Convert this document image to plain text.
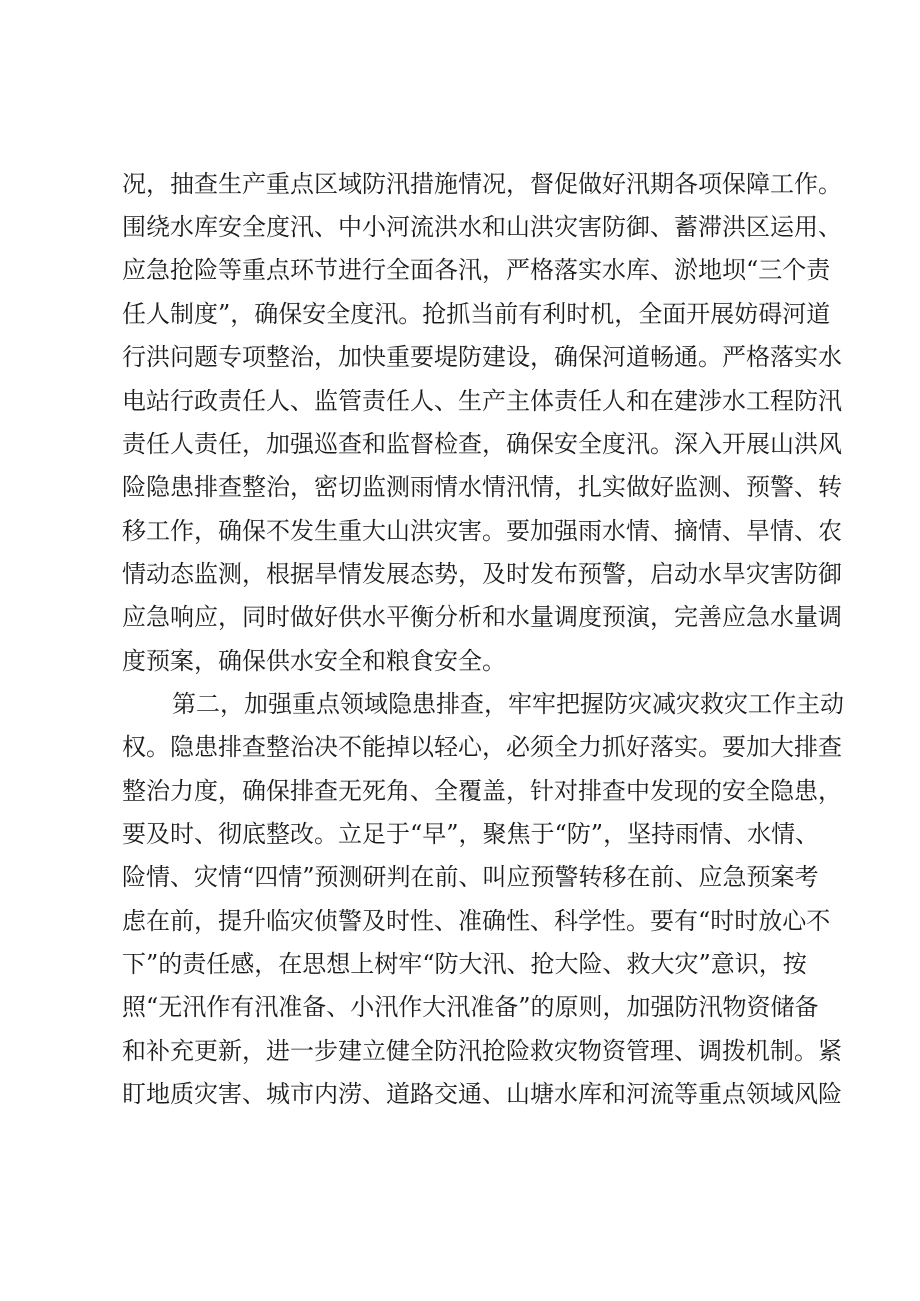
况，抽查生产重点区域防汛措施情况，督促做好汛期各项保障工作。
围绕水库安全度汛、中小河流洪水和山洪灾害防御、蓄滞洪区运用、
应急抢险等重点环节进行全面各汛，严格落实水库、淤地坝“三个责
任人制度”，确保安全度汛。抢抓当前有利时机，全面开展妨碍河道
行洪问题专项整治，加快重要堤防建设，确保河道畅通。严格落实水
电站行政责任人、监管责任人、生产主体责任人和在建涉水工程防汛
责任人责任，加强巡查和监督检查，确保安全度汛。深入开展山洪风
险隐患排查整治，密切监测雨情水情汛情，扎实做好监测、预警、转
移工作，确保不发生重大山洪灾害。要加强雨水情、摘情、旱情、农
情动态监测，根据旱情发展态势，及时发布预警，启动水旱灾害防御
应急响应，同时做好供水平衡分析和水量调度预演，完善应急水量调
度预案，确保供水安全和粮食安全。
第二，加强重点领域隐患排查，牢牢把握防灾减灾救灾工作主动
权。隐患排查整治决不能掉以轻心，必须全力抓好落实。要加大排查
整治力度，确保排查无死角、全覆盖，针对排查中发现的安全隐患，
要及时、彻底整改。立足于“早”，聚焦于“防”，坚持雨情、水情、
险情、灾情“四情”预测研判在前、叫应预警转移在前、应急预案考
虑在前，提升临灾侦警及时性、准确性、科学性。要有“时时放心不
下”的责任感，在思想上树牢“防大汛、抢大险、救大灾”意识，按
照“无汛作有汛准备、小汛作大汛准备”的原则，加强防汛物资储备
和补充更新，进一步建立健全防汛抢险救灾物资管理、调拨机制。紧
盯地质灾害、城市内涝、道路交通、山塘水库和河流等重点领域风险
